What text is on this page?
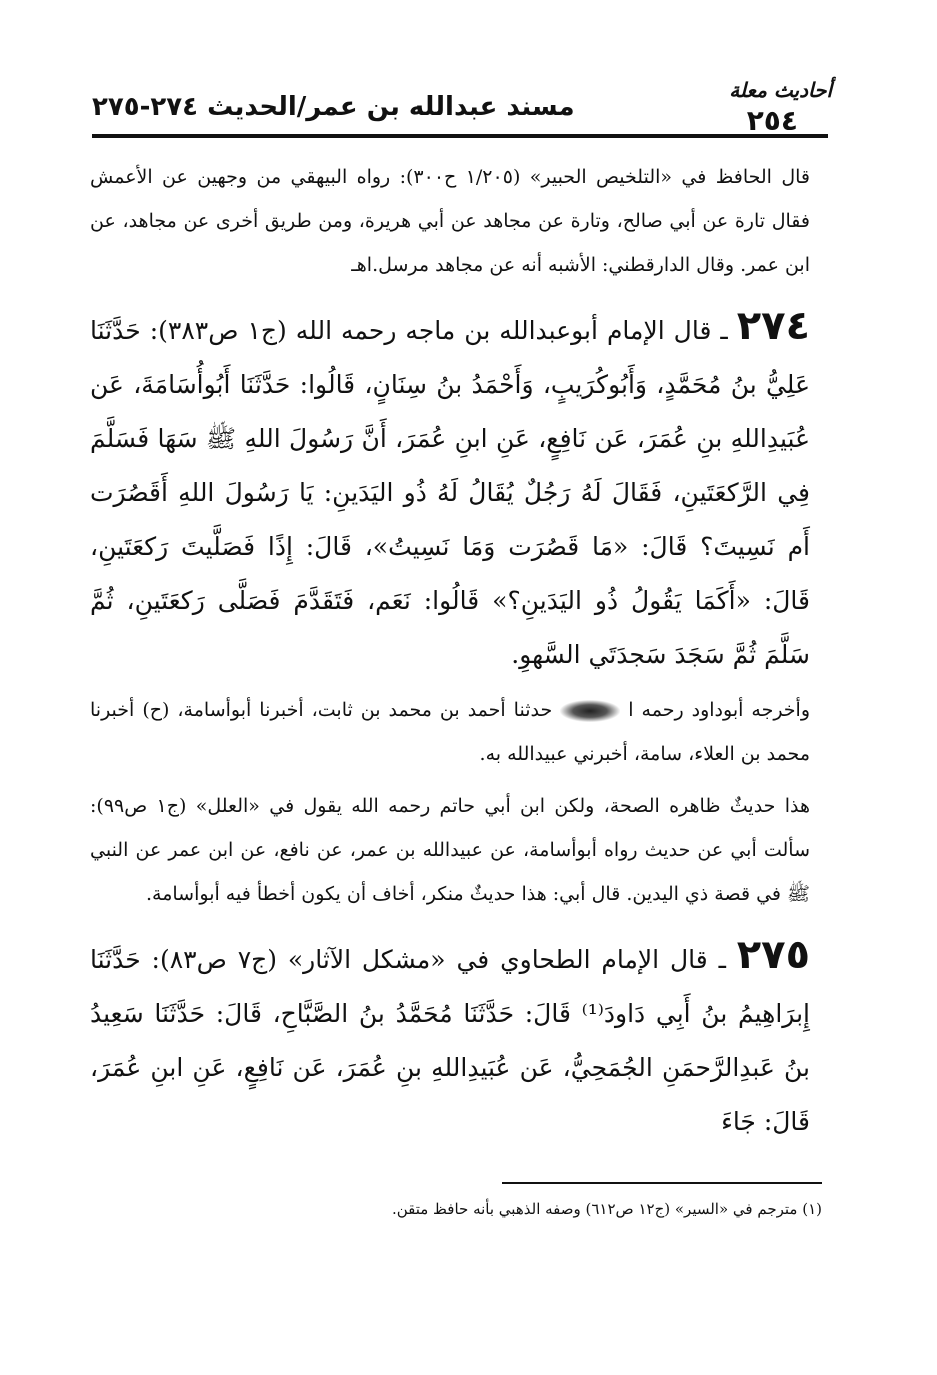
أحاديث معلة
٢٥٤
مسند عبدالله بن عمر/الحديث ٢٧٤-٢٧٥

قال الحافظ في «التلخيص الحبير» (١/٢٠٥ ح٣٠٠): رواه البيهقي من وجهين عن الأعمش فقال تارة عن أبي صالح، وتارة عن مجاهد عن أبي هريرة، ومن طريق أخرى عن مجاهد، عن ابن عمر. وقال الدارقطني: الأشبه أنه عن مجاهد مرسل.اهـ

٢٧٤ ـ قال الإمام أبوعبدالله بن ماجه رحمه الله (ج١ ص٣٨٣): حَدَّثَنَا عَلِيُّ بنُ مُحَمَّدٍ، وَأَبُوكُرَيبٍ، وَأَحْمَدُ بنُ سِنَانٍ، قَالُوا: حَدَّثَنَا أَبُوأُسَامَةَ، عَن عُبَيدِاللهِ بنِ عُمَرَ، عَن نَافِعٍ، عَنِ ابنِ عُمَرَ، أَنَّ رَسُولَ اللهِ ﷺ سَهَا فَسَلَّمَ فِي الرَّكعَتَينِ، فَقَالَ لَهُ رَجُلٌ يُقَالُ لَهُ ذُو اليَدَينِ: يَا رَسُولَ اللهِ أَقَصُرَت أَم نَسِيتَ؟ قَالَ: «مَا قَصُرَت وَمَا نَسِيتُ»، قَالَ: إِذًا فَصَلَّيتَ رَكعَتَينِ، قَالَ: «أَكَمَا يَقُولُ ذُو اليَدَينِ؟» قَالُوا: نَعَم، فَتَقَدَّمَ فَصَلَّى رَكعَتَينِ، ثُمَّ سَلَّمَ ثُمَّ سَجَدَ سَجدَتَي السَّهوِ.

وأخرجه أبوداود رحمه ا  حدثنا أحمد بن محمد بن ثابت، أخبرنا أبوأسامة، (ح) أخبرنا محمد بن العلاء، سامة، أخبرني عبيدالله به.

هذا حديثٌ ظاهره الصحة، ولكن ابن أبي حاتم رحمه الله يقول في «العلل» (ج١ ص٩٩): سألت أبي عن حديث رواه أبوأسامة، عن عبيدالله بن عمر، عن نافع، عن ابن عمر عن النبي ﷺ في قصة ذي اليدين. قال أبي: هذا حديثٌ منكر، أخاف أن يكون أخطأ فيه أبوأسامة.

٢٧٥ ـ قال الإمام الطحاوي في «مشكل الآثار» (ج٧ ص٨٣): حَدَّثَنَا إِبرَاهِيمُ بنُ أَبِي دَاودَ⁽¹⁾ قَالَ: حَدَّثَنَا مُحَمَّدُ بنُ الصَّبَّاحِ، قَالَ: حَدَّثَنَا سَعِيدُ بنُ عَبدِالرَّحمَنِ الجُمَحِيُّ، عَن عُبَيدِاللهِ بنِ عُمَرَ، عَن نَافِعٍ، عَنِ ابنِ عُمَرَ، قَالَ: جَاءَ

(١) مترجم في «السير» (ج١٢ ص٦١٢) وصفه الذهبي بأنه حافظ متقن.
